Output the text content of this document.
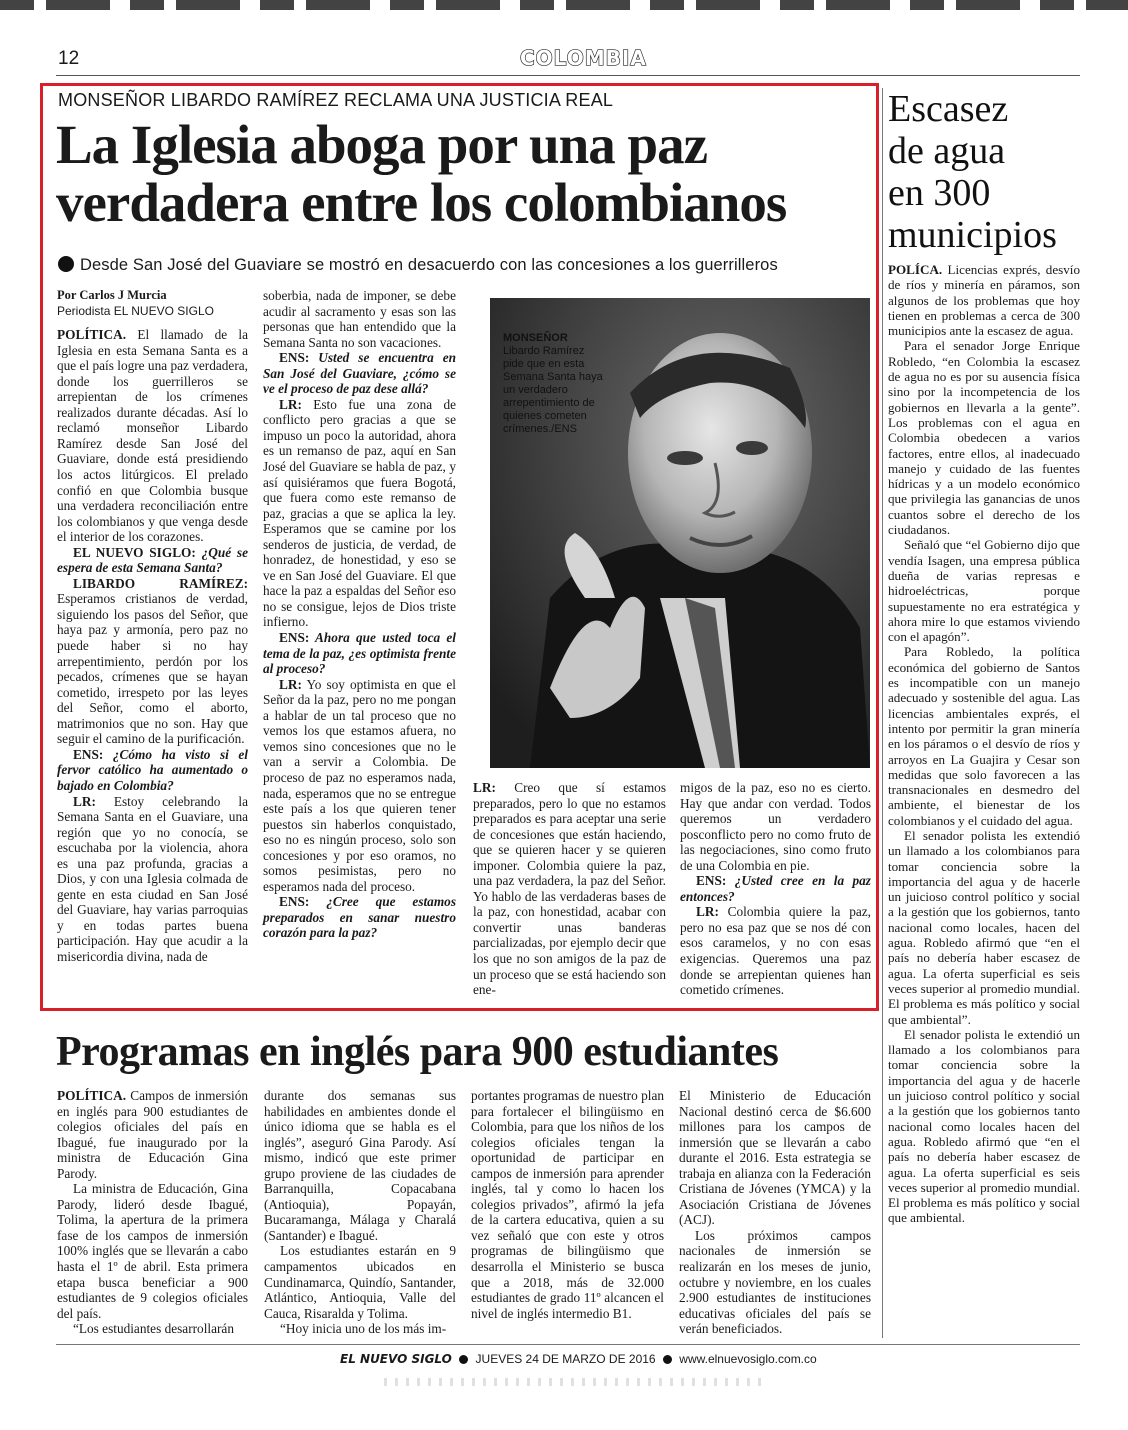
12	COLOMBIA
MONSEÑOR LIBARDO RAMÍREZ RECLAMA UNA JUSTICIA REAL
La Iglesia aboga por una paz
verdadera entre los colombianos
Desde San José del Guaviare se mostró en desacuerdo con las concesiones a los guerrilleros
Por Carlos J Murcia
Periodista EL NUEVO SIGLO

POLÍTICA. El llamado de la Iglesia en esta Semana Santa es a que el país logre una paz verdadera, donde los guerrilleros se arrepientan de los crímenes realizados durante décadas. Así lo reclamó monseñor Libardo Ramírez desde San José del Guaviare, donde está presidiendo los actos litúrgicos. El prelado confió en que Colombia busque una verdadera reconciliación entre los colombianos y que venga desde el interior de los corazones.

EL NUEVO SIGLO: ¿Qué se espera de esta Semana Santa?

LIBARDO RAMÍREZ: Esperamos cristianos de verdad, siguiendo los pasos del Señor, que haya paz y armonía, pero paz no puede haber si no hay arrepentimiento, perdón por los pecados, crímenes que se hayan cometido, irrespeto por las leyes del Señor, como el aborto, matrimonios que no son. Hay que seguir el camino de la purificación.

ENS: ¿Cómo ha visto si el fervor católico ha aumentado o bajado en Colombia?

LR: Estoy celebrando la Semana Santa en el Guaviare, una región que yo no conocía, se escuchaba por la violencia, ahora es una paz profunda, gracias a Dios, y con una Iglesia colmada de gente en esta ciudad en San José del Guaviare, hay varias parroquias y en todas partes buena participación. Hay que acudir a la misericordia divina, nada de

soberbia, nada de imponer, se debe acudir al sacramento y esas son las personas que han entendido que la Semana Santa no son vacaciones.

ENS: Usted se encuentra en San José del Guaviare, ¿cómo se ve el proceso de paz dese allá?

LR: Esto fue una zona de conflicto pero gracias a que se impuso un poco la autoridad, ahora es un remanso de paz, aquí en San José del Guaviare se habla de paz, y así quisiéramos que fuera Bogotá, que fuera como este remanso de paz, gracias a que se aplica la ley. Esperamos que se camine por los senderos de justicia, de verdad, de honradez, de honestidad, y eso se ve en San José del Guaviare. El que hace la paz a espaldas del Señor eso no se consigue, lejos de Dios triste infierno.

ENS: Ahora que usted toca el tema de la paz, ¿es optimista frente al proceso?

LR: Yo soy optimista en que el Señor da la paz, pero no me pongan a hablar de un tal proceso que no vemos los que estamos afuera, no vemos sino concesiones que no le van a servir a Colombia. De proceso de paz no esperamos nada, nada, esperamos que no se entregue este país a los que quieren tener puestos sin haberlos conquistado, eso no es ningún proceso, solo son concesiones y por eso oramos, no somos pesimistas, pero no esperamos nada del proceso.

ENS: ¿Cree que estamos preparados en sanar nuestro corazón para la paz?

MONSEÑOR
Libardo Ramírez pide que en esta Semana Santa haya un verdadero arrepentimiento de quienes cometen crímenes./ENS

LR: Creo que sí estamos preparados, pero lo que no estamos preparados es para aceptar una serie de concesiones que están haciendo, que se quieren hacer y se quieren imponer. Colombia quiere la paz, una paz verdadera, la paz del Señor. Yo hablo de las verdaderas bases de la paz, con honestidad, acabar con convertir unas banderas parcializadas, por ejemplo decir que los que no son amigos de la paz de un proceso que se está haciendo son ene-

migos de la paz, eso no es cierto. Hay que andar con verdad. Todos queremos un verdadero posconflicto pero no como fruto de las negociaciones, sino como fruto de una Colombia en pie.

ENS: ¿Usted cree en la paz entonces?

LR: Colombia quiere la paz, pero no esa paz que se nos dé con esos caramelos, y no con esas exigencias. Queremos una paz donde se arrepientan quienes han cometido crímenes.

Escasez
de agua
en 300
municipios

POLÍCA. Licencias exprés, desvío de ríos y minería en páramos, son algunos de los problemas que hoy tienen en problemas a cerca de 300 municipios ante la escasez de agua.

Para el senador Jorge Enrique Robledo, “en Colombia la escasez de agua no es por su ausencia física sino por la incompetencia de los gobiernos en llevarla a la gente”. Los problemas con el agua en Colombia obedecen a varios factores, entre ellos, al inadecuado manejo y cuidado de las fuentes hídricas y a un modelo económico que privilegia las ganancias de unos cuantos sobre el derecho de los ciudadanos.

Señaló que “el Gobierno dijo que vendía Isagen, una empresa pública dueña de varias represas e hidroeléctricas, porque supuestamente no era estratégica y ahora mire lo que estamos viviendo con el apagón”.

Para Robledo, la política económica del gobierno de Santos es incompatible con un manejo adecuado y sostenible del agua. Las licencias ambientales exprés, el intento por permitir la gran minería en los páramos o el desvío de ríos y arroyos en La Guajira y Cesar son medidas que solo favorecen a las transnacionales en desmedro del ambiente, el bienestar de los colombianos y el cuidado del agua.

El senador polista les extendió un llamado a los colombianos para tomar conciencia sobre la importancia del agua y de hacerle un juicioso control político y social a la gestión que los gobiernos, tanto nacional como locales, hacen del agua. Robledo afirmó que “en el país no debería haber escasez de agua. La oferta superficial es seis veces superior al promedio mundial. El problema es más político y social que ambiental”.

El senador polista le extendió un llamado a los colombianos para tomar conciencia sobre la importancia del agua y de hacerle un juicioso control político y social a la gestión que los gobiernos tanto nacional como locales hacen del agua. Robledo afirmó que “en el país no debería haber escasez de agua. La oferta superficial es seis veces superior al promedio mundial. El problema es más político y social que ambiental.

Programas en inglés para 900 estudiantes

POLÍTICA. Campos de inmersión en inglés para 900 estudiantes de colegios oficiales del país en Ibagué, fue inaugurado por la ministra de Educación Gina Parody.

La ministra de Educación, Gina Parody, lideró desde Ibagué, Tolima, la apertura de la primera fase de los campos de inmersión 100% inglés que se llevarán a cabo hasta el 1º de abril. Esta primera etapa busca beneficiar a 900 estudiantes de 9 colegios oficiales del país.

“Los estudiantes desarrollarán

durante dos semanas sus habilidades en ambientes donde el único idioma que se habla es el inglés”, aseguró Gina Parody. Así mismo, indicó que este primer grupo proviene de las ciudades de Barranquilla, Copacabana (Antioquia), Popayán, Bucaramanga, Málaga y Charalá (Santander) e Ibagué.

Los estudiantes estarán en 9 campamentos ubicados en Cundinamarca, Quindío, Santander, Atlántico, Antioquia, Valle del Cauca, Risaralda y Tolima.

“Hoy inicia uno de los más im-

portantes programas de nuestro plan para fortalecer el bilingüismo en Colombia, para que los niños de los colegios oficiales tengan la oportunidad de participar en campos de inmersión para aprender inglés, tal y como lo hacen los colegios privados”, afirmó la jefa de la cartera educativa, quien a su vez señaló que con este y otros programas de bilingüismo que desarrolla el Ministerio se busca que a 2018, más de 32.000 estudiantes de grado 11º alcancen el nivel de inglés intermedio B1.

El Ministerio de Educación Nacional destinó cerca de $6.600 millones para los campos de inmersión que se llevarán a cabo durante el 2016. Esta estrategia se trabaja en alianza con la Federación Cristiana de Jóvenes (YMCA) y la Asociación Cristiana de Jóvenes (ACJ).

Los próximos campos nacionales de inmersión se realizarán en los meses de junio, octubre y noviembre, en los cuales 2.900 estudiantes de instituciones educativas oficiales del país se verán beneficiados.

EL NUEVO SIGLO JUEVES 24 DE MARZO DE 2016 www.elnuevosiglo.com.co
